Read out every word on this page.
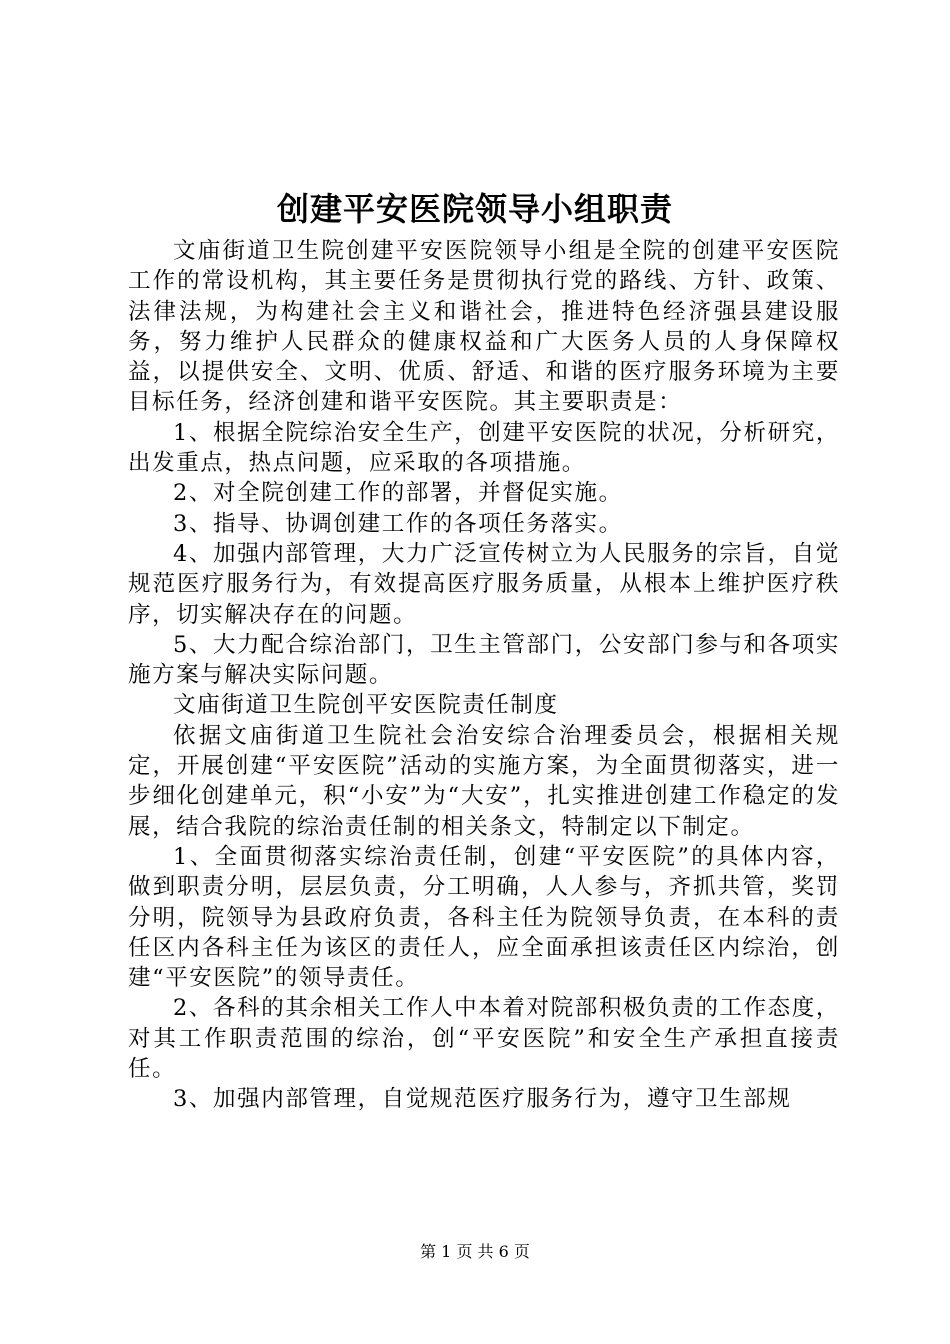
创建平安医院领导小组职责

文庙街道卫生院创建平安医院领导小组是全院的创建平安医院工作的常设机构，其主要任务是贯彻执行党的路线、方针、政策、法律法规，为构建社会主义和谐社会，推进特色经济强县建设服务，努力维护人民群众的健康权益和广大医务人员的人身保障权益，以提供安全、文明、优质、舒适、和谐的医疗服务环境为主要目标任务，经济创建和谐平安医院。其主要职责是：

1、根据全院综治安全生产，创建平安医院的状况，分析研究，出发重点，热点问题，应采取的各项措施。

2、对全院创建工作的部署，并督促实施。

3、指导、协调创建工作的各项任务落实。

4、加强内部管理，大力广泛宣传树立为人民服务的宗旨，自觉规范医疗服务行为，有效提高医疗服务质量，从根本上维护医疗秩序，切实解决存在的问题。

5、大力配合综治部门，卫生主管部门，公安部门参与和各项实施方案与解决实际问题。

文庙街道卫生院创平安医院责任制度

依据文庙街道卫生院社会治安综合治理委员会，根据相关规定，开展创建“平安医院”活动的实施方案，为全面贯彻落实，进一步细化创建单元，积“小安”为“大安”，扎实推进创建工作稳定的发展，结合我院的综治责任制的相关条文，特制定以下制定。

1、全面贯彻落实综治责任制，创建“平安医院”的具体内容，做到职责分明，层层负责，分工明确，人人参与，齐抓共管，奖罚分明，院领导为县政府负责，各科主任为院领导负责，在本科的责任区内各科主任为该区的责任人，应全面承担该责任区内综治，创建“平安医院”的领导责任。

2、各科的其余相关工作人中本着对院部积极负责的工作态度，对其工作职责范围的综治，创“平安医院”和安全生产承担直接责任。

3、加强内部管理，自觉规范医疗服务行为，遵守卫生部规

第 1 页 共 6 页
